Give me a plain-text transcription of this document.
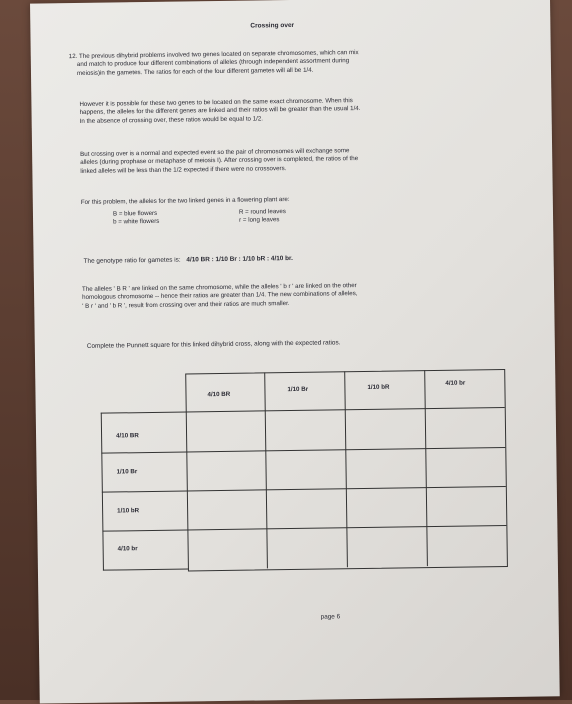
Crossing over
12. The previous dihybrid problems involved two genes located on separate chromosomes, which can mix
and match to produce four different combinations of alleles (through independent assortment during
meiosis)in the gametes. The ratios for each of the four different gametes will all be 1/4.
However it is possible for these two genes to be located on the same exact chromosome. When this
happens, the alleles for the different genes are linked and their ratios will be greater than the usual 1/4.
In the absence of crossing over, these ratios would be equal to 1/2.
But crossing over is a normal and expected event so the pair of chromosomes will exchange some
alleles (during prophase or metaphase of meiosis I). After crossing over is completed, the ratios of the
linked alleles will be less than the 1/2 expected if there were no crossovers.
For this problem, the alleles for the two linked genes in a flowering plant are:
B = blue flowers
b = white flowers
R = round leaves
r = long leaves
The genotype ratio for gametes is: 4/10 BR : 1/10 Br : 1/10 bR : 4/10 br.
The alleles ' B R ' are linked on the same chromosome, while the alleles ' b r ' are linked on the other
homologous chromosome -- hence their ratios are greater than 1/4. The new combinations of alleles,
' B r ' and ' b R ', result from crossing over and their ratios are much smaller.
Complete the Punnett square for this linked dihybrid cross, along with the expected ratios.
4/10 BR
1/10 Br	1/10 bR
4/10 br
4/10 BR
1/10 Br
1/10 bR
4/10 br
page 6
